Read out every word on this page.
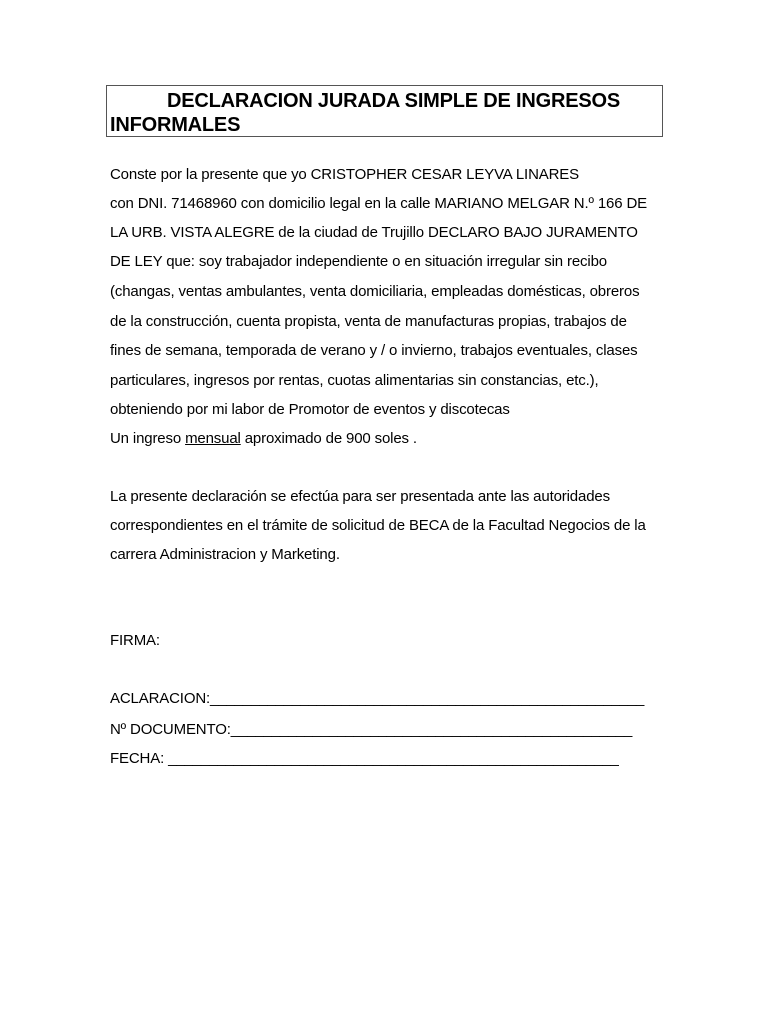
DECLARACION JURADA SIMPLE DE INGRESOS
INFORMALES
Conste por la presente que yo CRISTOPHER CESAR LEYVA LINARES
con DNI. 71468960 con domicilio legal en la calle MARIANO MELGAR N.º 166 DE
LA URB. VISTA ALEGRE de la ciudad de Trujillo DECLARO BAJO JURAMENTO
DE LEY que: soy trabajador independiente o en situación irregular sin recibo
(changas, ventas ambulantes, venta domiciliaria, empleadas domésticas, obreros
de la construcción, cuenta propista, venta de manufacturas propias, trabajos de
fines de semana, temporada de verano y / o invierno, trabajos eventuales, clases
particulares, ingresos por rentas, cuotas alimentarias sin constancias, etc.),
obteniendo por mi labor de Promotor de eventos y discotecas
Un ingreso mensual aproximado de 900 soles .
La presente declaración se efectúa para ser presentada ante las autoridades
correspondientes en el trámite de solicitud de BECA de la Facultad Negocios de la
carrera Administracion y Marketing.
FIRMA:
ACLARACION:_____________________________________________________
Nº DOCUMENTO:_________________________________________________
FECHA: _______________________________________________________
